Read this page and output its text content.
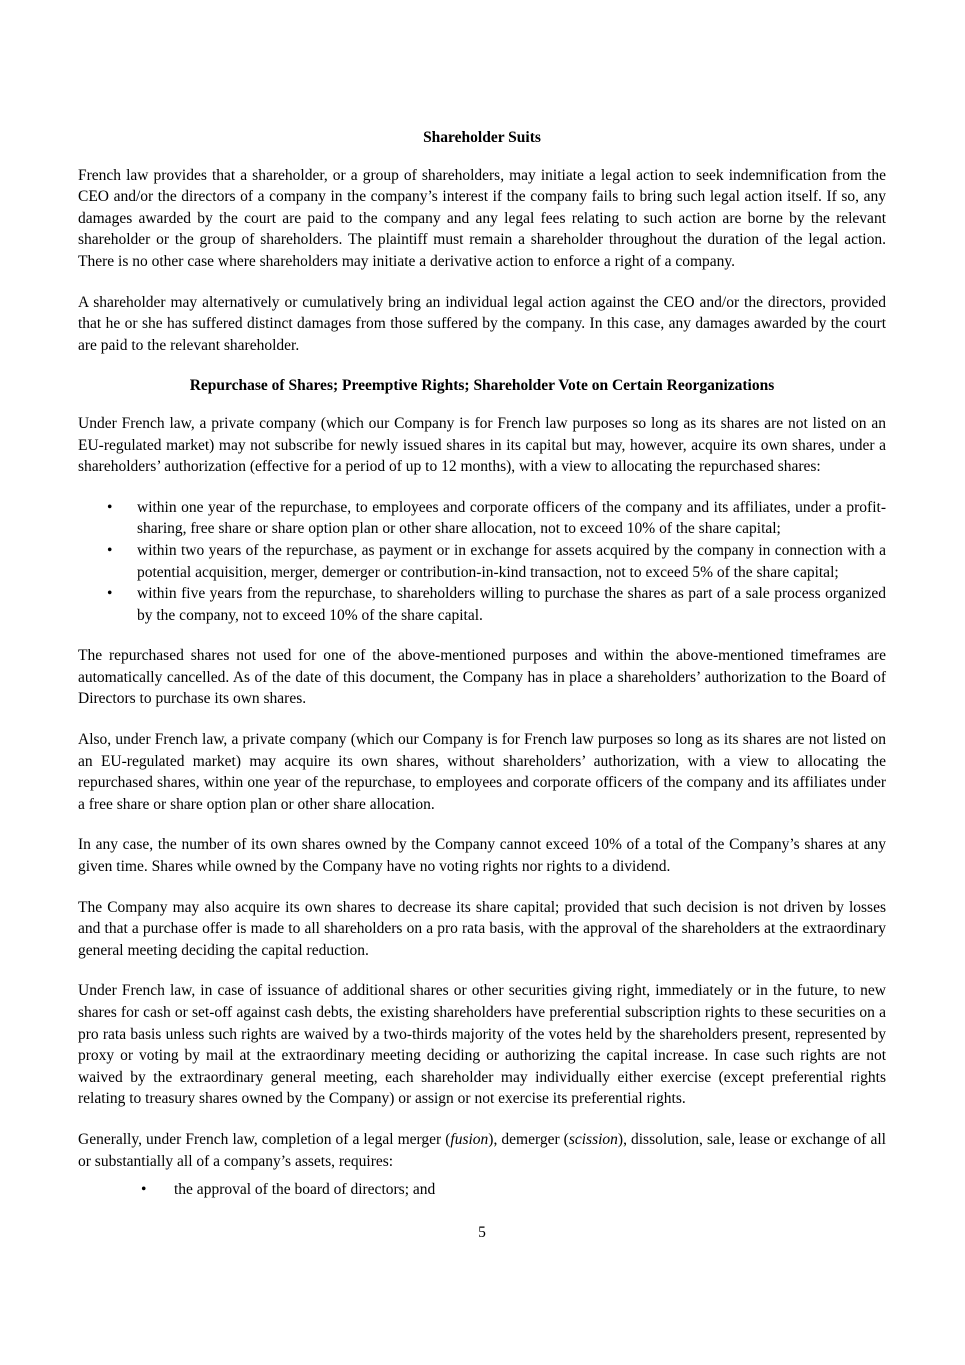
Shareholder Suits

French law provides that a shareholder, or a group of shareholders, may initiate a legal action to seek indemnification from the CEO and/or the directors of a company in the company’s interest if the company fails to bring such legal action itself. If so, any damages awarded by the court are paid to the company and any legal fees relating to such action are borne by the relevant shareholder or the group of shareholders. The plaintiff must remain a shareholder throughout the duration of the legal action. There is no other case where shareholders may initiate a derivative action to enforce a right of a company.

A shareholder may alternatively or cumulatively bring an individual legal action against the CEO and/or the directors, provided that he or she has suffered distinct damages from those suffered by the company. In this case, any damages awarded by the court are paid to the relevant shareholder.

Repurchase of Shares; Preemptive Rights; Shareholder Vote on Certain Reorganizations

Under French law, a private company (which our Company is for French law purposes so long as its shares are not listed on an EU-regulated market) may not subscribe for newly issued shares in its capital but may, however, acquire its own shares, under a shareholders’ authorization (effective for a period of up to 12 months), with a view to allocating the repurchased shares:

• within one year of the repurchase, to employees and corporate officers of the company and its affiliates, under a profit-sharing, free share or share option plan or other share allocation, not to exceed 10% of the share capital;
• within two years of the repurchase, as payment or in exchange for assets acquired by the company in connection with a potential acquisition, merger, demerger or contribution-in-kind transaction, not to exceed 5% of the share capital;
• within five years from the repurchase, to shareholders willing to purchase the shares as part of a sale process organized by the company, not to exceed 10% of the share capital.

The repurchased shares not used for one of the above-mentioned purposes and within the above-mentioned timeframes are automatically cancelled. As of the date of this document, the Company has in place a shareholders’ authorization to the Board of Directors to purchase its own shares.

Also, under French law, a private company (which our Company is for French law purposes so long as its shares are not listed on an EU-regulated market) may acquire its own shares, without shareholders’ authorization, with a view to allocating the repurchased shares, within one year of the repurchase, to employees and corporate officers of the company and its affiliates under a free share or share option plan or other share allocation.

In any case, the number of its own shares owned by the Company cannot exceed 10% of a total of the Company’s shares at any given time. Shares while owned by the Company have no voting rights nor rights to a dividend.

The Company may also acquire its own shares to decrease its share capital; provided that such decision is not driven by losses and that a purchase offer is made to all shareholders on a pro rata basis, with the approval of the shareholders at the extraordinary general meeting deciding the capital reduction.

Under French law, in case of issuance of additional shares or other securities giving right, immediately or in the future, to new shares for cash or set-off against cash debts, the existing shareholders have preferential subscription rights to these securities on a pro rata basis unless such rights are waived by a two-thirds majority of the votes held by the shareholders present, represented by proxy or voting by mail at the extraordinary meeting deciding or authorizing the capital increase. In case such rights are not waived by the extraordinary general meeting, each shareholder may individually either exercise (except preferential rights relating to treasury shares owned by the Company) or assign or not exercise its preferential rights.

Generally, under French law, completion of a legal merger (fusion), demerger (scission), dissolution, sale, lease or exchange of all or substantially all of a company’s assets, requires:

• the approval of the board of directors; and
5
